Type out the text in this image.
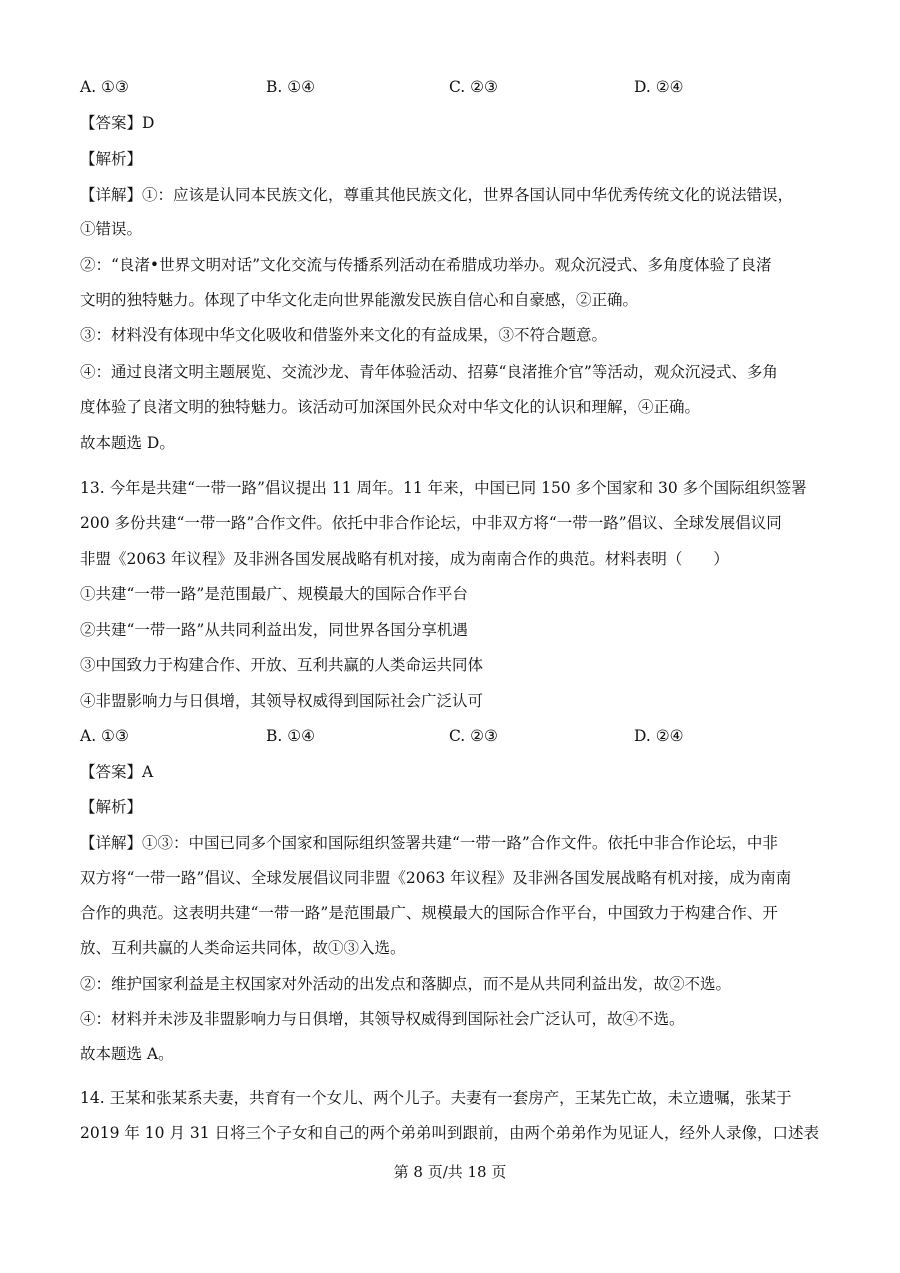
A. ①③	B. ①④	C. ②③	D. ②④
【答案】D
【解析】
【详解】①：应该是认同本民族文化，尊重其他民族文化，世界各国认同中华优秀传统文化的说法错误，
①错误。
②：“良渚•世界文明对话”文化交流与传播系列活动在希腊成功举办。观众沉浸式、多角度体验了良渚
文明的独特魅力。体现了中华文化走向世界能激发民族自信心和自豪感，②正确。
③：材料没有体现中华文化吸收和借鉴外来文化的有益成果，③不符合题意。
④：通过良渚文明主题展览、交流沙龙、青年体验活动、招募“良渚推介官”等活动，观众沉浸式、多角
度体验了良渚文明的独特魅力。该活动可加深国外民众对中华文化的认识和理解，④正确。
故本题选 D。
13. 今年是共建“一带一路”倡议提出 11 周年。11 年来，中国已同 150 多个国家和 30 多个国际组织签署
200 多份共建“一带一路”合作文件。依托中非合作论坛，中非双方将“一带一路”倡议、全球发展倡议同
非盟《2063 年议程》及非洲各国发展战略有机对接，成为南南合作的典范。材料表明（　　）
①共建“一带一路”是范围最广、规模最大的国际合作平台
②共建“一带一路”从共同利益出发，同世界各国分享机遇
③中国致力于构建合作、开放、互利共赢的人类命运共同体
④非盟影响力与日俱增，其领导权威得到国际社会广泛认可
A. ①③	B. ①④	C. ②③	D. ②④
【答案】A
【解析】
【详解】①③：中国已同多个国家和国际组织签署共建“一带一路”合作文件。依托中非合作论坛，中非
双方将“一带一路”倡议、全球发展倡议同非盟《2063 年议程》及非洲各国发展战略有机对接，成为南南
合作的典范。这表明共建“一带一路”是范围最广、规模最大的国际合作平台，中国致力于构建合作、开
放、互利共赢的人类命运共同体，故①③入选。
②：维护国家利益是主权国家对外活动的出发点和落脚点，而不是从共同利益出发，故②不选。
④：材料并未涉及非盟影响力与日俱增，其领导权威得到国际社会广泛认可，故④不选。
故本题选 A。
14. 王某和张某系夫妻，共育有一个女儿、两个儿子。夫妻有一套房产，王某先亡故，未立遗嘱，张某于
2019 年 10 月 31 日将三个子女和自己的两个弟弟叫到跟前，由两个弟弟作为见证人，经外人录像，口述表
第 8 页/共 18 页
